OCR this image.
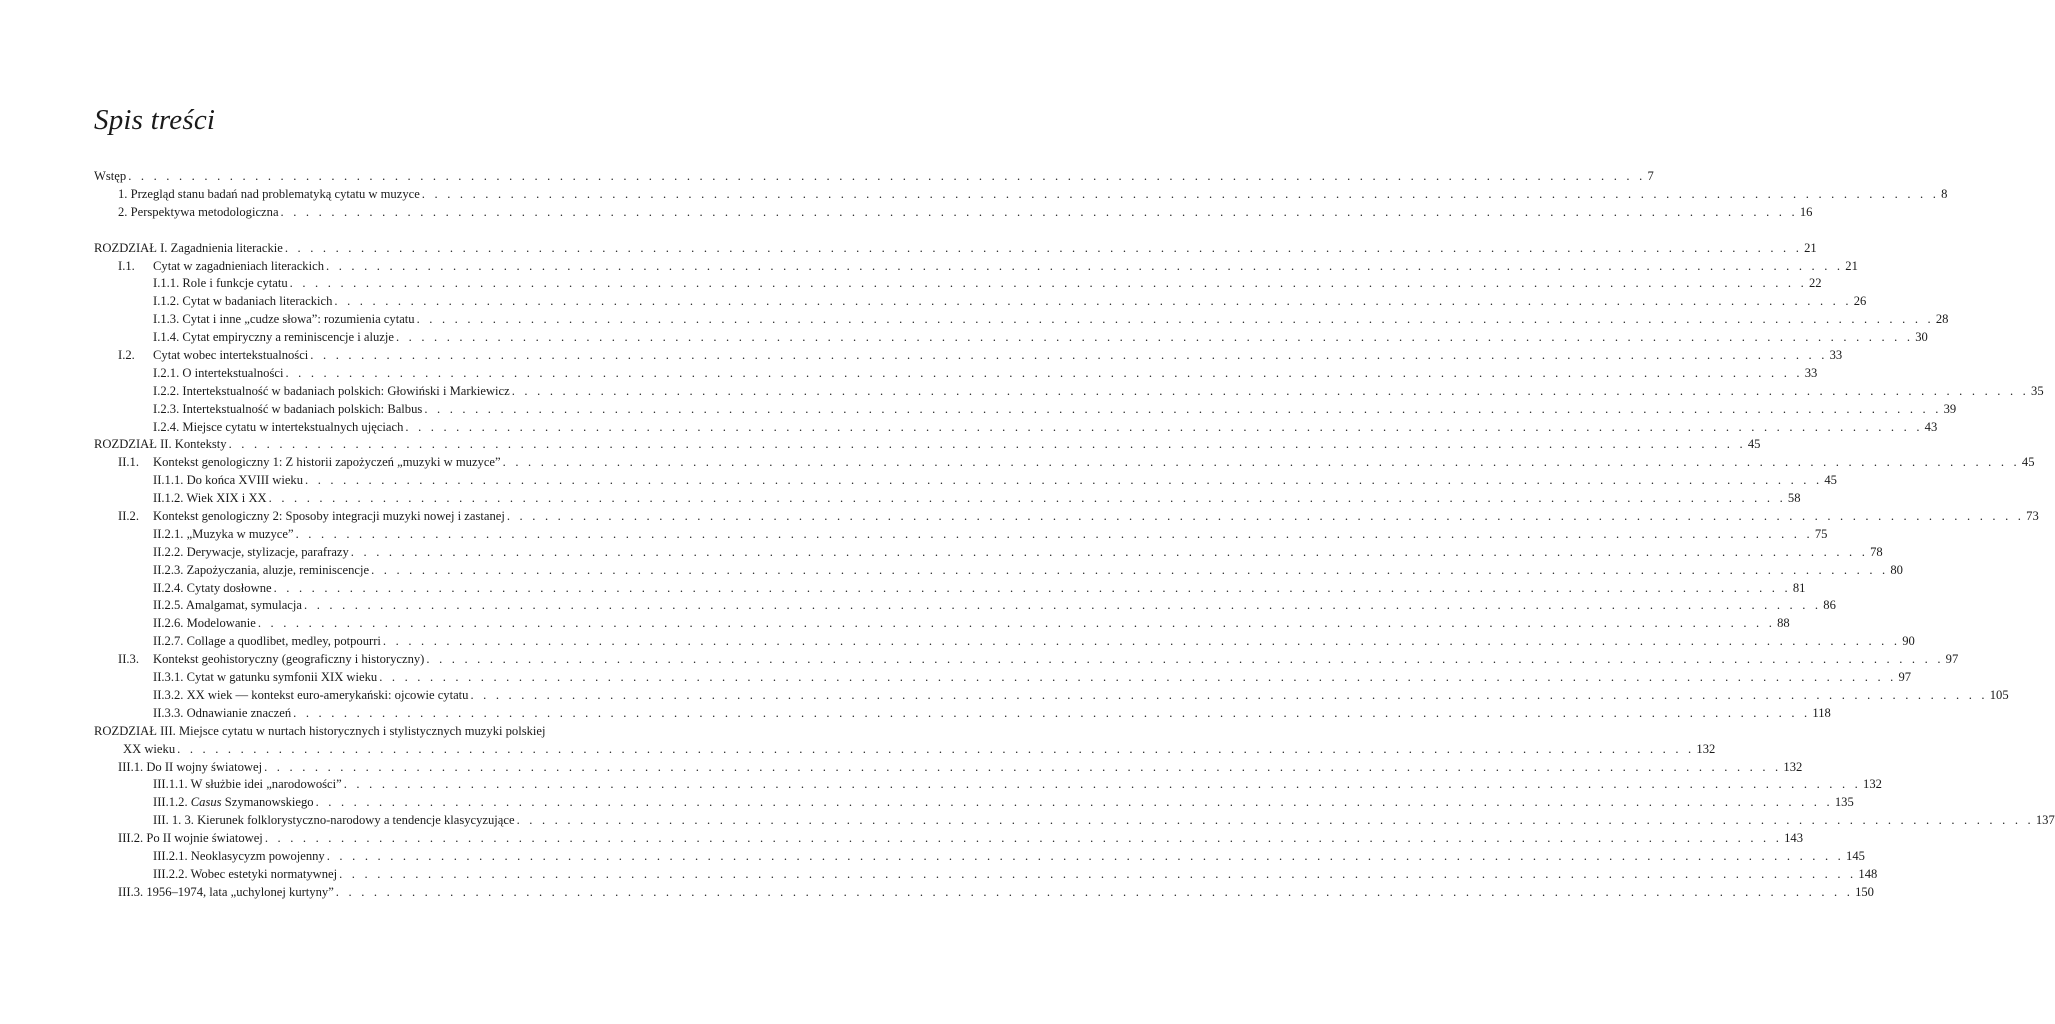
Spis treści
Wstęp . . . . . . . . . . . . . . . . . . . . . . . . . . . . . . . . . . . . . . . . . . . . . . . . . . . . . . . . . . . . . . . . . . . . . . . . . . . . . . . . . . . . . . . . . . . . . . . . . . . . . . . . . . . . . . . . . . . . . . . . 7
1. Przegląd stanu badań nad problematyką cytatu w muzyce . . . . . . . . . . . . . . . . . . . . . . . . . . . . . . . . . . . . . . . . . . . . . . . . . . . . . . . . . . . . . . . . . . . . . . . . . . . . . . . . . . . . . . . . . . . . . . . . . . . . . . . . . . . . . . . . . . . . . . . . 8
2. Perspektywa metodologiczna . . . . . . . . . . . . . . . . . . . . . . . . . . . . . . . . . . . . . . . . . . . . . . . . . . . . . . . . . . . . . . . . . . . . . . . . . . . . . . . . . . . . . . . . . . . . . . . . . . . . . . . . . . . . . . . . . . . . . . . . 16
ROZDZIAŁ I. Zagadnienia literackie . . . . . . . . . . . . . . . . . . . . . . . . . . . . . . . . . . . . . . . . . . . . . . . . . . . . . . . . . . . . . . . . . . . . . . . . . . . . . . . . . . . . . . . . . . . . . . . . . . . . . . . . . . . . . . . . . . . . . . . . 21
I.1. Cytat w zagadnieniach literackich . . . . . . . . . . . . . . . . . . . . . . . . . . . . . . . . . . . . . . . . . . . . . . . . . . . . . . . . . . . . . . . . . . . . . . . . . . . . . . . . . . . . . . . . . . . . . . . . . . . . . . . . . . . . . . . . . . . . . . . . 21
I.1.1. Role i funkcje cytatu . . . . . . . . . . . . . . . . . . . . . . . . . . . . . . . . . . . . . . . . . . . . . . . . . . . . . . . . . . . . . . . . . . . . . . . . . . . . . . . . . . . . . . . . . . . . . . . . . . . . . . . . . . . . . . . . . . . . . . . . 22
I.1.2. Cytat w badaniach literackich . . . . . . . . . . . . . . . . . . . . . . . . . . . . . . . . . . . . . . . . . . . . . . . . . . . . . . . . . . . . . . . . . . . . . . . . . . . . . . . . . . . . . . . . . . . . . . . . . . . . . . . . . . . . . . . . . . . . . . . . 26
I.1.3. Cytat i inne „cudze słowa”: rozumienia cytatu . . . . . . . . . . . . . . . . . . . . . . . . . . . . . . . . . . . . . . . . . . . . . . . . . . . . . . . . . . . . . . . . . . . . . . . . . . . . . . . . . . . . . . . . . . . . . . . . . . . . . . . . . . . . . . . . . . . . . . . . 28
I.1.4. Cytat empiryczny a reminiscencje i aluzje . . . . . . . . . . . . . . . . . . . . . . . . . . . . . . . . . . . . . . . . . . . . . . . . . . . . . . . . . . . . . . . . . . . . . . . . . . . . . . . . . . . . . . . . . . . . . . . . . . . . . . . . . . . . . . . . . . . . . . . . 30
I.2. Cytat wobec intertekstualności . . . . . . . . . . . . . . . . . . . . . . . . . . . . . . . . . . . . . . . . . . . . . . . . . . . . . . . . . . . . . . . . . . . . . . . . . . . . . . . . . . . . . . . . . . . . . . . . . . . . . . . . . . . . . . . . . . . . . . . . 33
I.2.1. O intertekstualności . . . . . . . . . . . . . . . . . . . . . . . . . . . . . . . . . . . . . . . . . . . . . . . . . . . . . . . . . . . . . . . . . . . . . . . . . . . . . . . . . . . . . . . . . . . . . . . . . . . . . . . . . . . . . . . . . . . . . . . . 33
I.2.2. Intertekstualność w badaniach polskich: Głowiński i Markiewicz . . . . . . . . . . . . . . . . . . . . . . . . . . . . . . . . . . . . . . . . . . . . . . . . . . . . . . . . . . . . . . . . . . . . . . . . . . . . . . . . . . . . . . . . . . . . . . . . . . . . . . . . . . . . . . . . . . . . . . . . 35
I.2.3. Intertekstualność w badaniach polskich: Balbus . . . . . . . . . . . . . . . . . . . . . . . . . . . . . . . . . . . . . . . . . . . . . . . . . . . . . . . . . . . . . . . . . . . . . . . . . . . . . . . . . . . . . . . . . . . . . . . . . . . . . . . . . . . . . . . . . . . . . . . . 39
I.2.4. Miejsce cytatu w intertekstualnych ujęciach . . . . . . . . . . . . . . . . . . . . . . . . . . . . . . . . . . . . . . . . . . . . . . . . . . . . . . . . . . . . . . . . . . . . . . . . . . . . . . . . . . . . . . . . . . . . . . . . . . . . . . . . . . . . . . . . . . . . . . . . 43
ROZDZIAŁ II. Konteksty . . . . . . . . . . . . . . . . . . . . . . . . . . . . . . . . . . . . . . . . . . . . . . . . . . . . . . . . . . . . . . . . . . . . . . . . . . . . . . . . . . . . . . . . . . . . . . . . . . . . . . . . . . . . . . . . . . . . . . . . 45
II.1. Kontekst genologiczny 1: Z historii zapożyczeń „muzyki w muzyce” . . . . . . . . . . . . . . . . . . . . . . . . . . . . . . . . . . . . . . . . . . . . . . . . . . . . . . . . . . . . . . . . . . . . . . . . . . . . . . . . . . . . . . . . . . . . . . . . . . . . . . . . . . . . . . . . . . . . . . . . 45
II.1.1. Do końca XVIII wieku . . . . . . . . . . . . . . . . . . . . . . . . . . . . . . . . . . . . . . . . . . . . . . . . . . . . . . . . . . . . . . . . . . . . . . . . . . . . . . . . . . . . . . . . . . . . . . . . . . . . . . . . . . . . . . . . . . . . . . . . 45
II.1.2. Wiek XIX i XX . . . . . . . . . . . . . . . . . . . . . . . . . . . . . . . . . . . . . . . . . . . . . . . . . . . . . . . . . . . . . . . . . . . . . . . . . . . . . . . . . . . . . . . . . . . . . . . . . . . . . . . . . . . . . . . . . . . . . . . . 58
II.2. Kontekst genologiczny 2: Sposoby integracji muzyki nowej i zastanej . . . . . . . . . . . . . . . . . . . . . . . . . . . . . . . . . . . . . . . . . . . . . . . . . . . . . . . . . . . . . . . . . . . . . . . . . . . . . . . . . . . . . . . . . . . . . . . . . . . . . . . . . . . . . . . . . . . . . . . . 73
II.2.1. „Muzyka w muzyce” . . . . . . . . . . . . . . . . . . . . . . . . . . . . . . . . . . . . . . . . . . . . . . . . . . . . . . . . . . . . . . . . . . . . . . . . . . . . . . . . . . . . . . . . . . . . . . . . . . . . . . . . . . . . . . . . . . . . . . . . 75
II.2.2. Derywacje, stylizacje, parafrazy . . . . . . . . . . . . . . . . . . . . . . . . . . . . . . . . . . . . . . . . . . . . . . . . . . . . . . . . . . . . . . . . . . . . . . . . . . . . . . . . . . . . . . . . . . . . . . . . . . . . . . . . . . . . . . . . . . . . . . . . 78
II.2.3. Zapożyczania, aluzje, reminiscencje . . . . . . . . . . . . . . . . . . . . . . . . . . . . . . . . . . . . . . . . . . . . . . . . . . . . . . . . . . . . . . . . . . . . . . . . . . . . . . . . . . . . . . . . . . . . . . . . . . . . . . . . . . . . . . . . . . . . . . . . 80
II.2.4. Cytaty dosłowne . . . . . . . . . . . . . . . . . . . . . . . . . . . . . . . . . . . . . . . . . . . . . . . . . . . . . . . . . . . . . . . . . . . . . . . . . . . . . . . . . . . . . . . . . . . . . . . . . . . . . . . . . . . . . . . . . . . . . . . . 81
II.2.5. Amalgamat, symulacja . . . . . . . . . . . . . . . . . . . . . . . . . . . . . . . . . . . . . . . . . . . . . . . . . . . . . . . . . . . . . . . . . . . . . . . . . . . . . . . . . . . . . . . . . . . . . . . . . . . . . . . . . . . . . . . . . . . . . . . . 86
II.2.6. Modelowanie . . . . . . . . . . . . . . . . . . . . . . . . . . . . . . . . . . . . . . . . . . . . . . . . . . . . . . . . . . . . . . . . . . . . . . . . . . . . . . . . . . . . . . . . . . . . . . . . . . . . . . . . . . . . . . . . . . . . . . . . 88
II.2.7. Collage a quodlibet, medley, potpourri . . . . . . . . . . . . . . . . . . . . . . . . . . . . . . . . . . . . . . . . . . . . . . . . . . . . . . . . . . . . . . . . . . . . . . . . . . . . . . . . . . . . . . . . . . . . . . . . . . . . . . . . . . . . . . . . . . . . . . . . 90
II.3. Kontekst geohistoryczny (geograficzny i historyczny) . . . . . . . . . . . . . . . . . . . . . . . . . . . . . . . . . . . . . . . . . . . . . . . . . . . . . . . . . . . . . . . . . . . . . . . . . . . . . . . . . . . . . . . . . . . . . . . . . . . . . . . . . . . . . . . . . . . . . . . . 97
II.3.1. Cytat w gatunku symfonii XIX wieku . . . . . . . . . . . . . . . . . . . . . . . . . . . . . . . . . . . . . . . . . . . . . . . . . . . . . . . . . . . . . . . . . . . . . . . . . . . . . . . . . . . . . . . . . . . . . . . . . . . . . . . . . . . . . . . . . . . . . . . . 97
II.3.2. XX wiek — kontekst euro-amerykański: ojcowie cytatu . . . . . . . . . . . . . . . . . . . . . . . . . . . . . . . . . . . . . . . . . . . . . . . . . . . . . . . . . . . . . . . . . . . . . . . . . . . . . . . . . . . . . . . . . . . . . . . . . . . . . . . . . . . . . . . . . . . . . . . . 105
II.3.3. Odnawianie znaczeń . . . . . . . . . . . . . . . . . . . . . . . . . . . . . . . . . . . . . . . . . . . . . . . . . . . . . . . . . . . . . . . . . . . . . . . . . . . . . . . . . . . . . . . . . . . . . . . . . . . . . . . . . . . . . . . . . . . . . . . . 118
ROZDZIAŁ III. Miejsce cytatu w nurtach historycznych i stylistycznych muzyki polskiej
XX wieku . . . . . . . . . . . . . . . . . . . . . . . . . . . . . . . . . . . . . . . . . . . . . . . . . . . . . . . . . . . . . . . . . . . . . . . . . . . . . . . . . . . . . . . . . . . . . . . . . . . . . . . . . . . . . . . . . . . . . . . . 132
III.1. Do II wojny światowej . . . . . . . . . . . . . . . . . . . . . . . . . . . . . . . . . . . . . . . . . . . . . . . . . . . . . . . . . . . . . . . . . . . . . . . . . . . . . . . . . . . . . . . . . . . . . . . . . . . . . . . . . . . . . . . . . . . . . . . . 132
III.1.1. W służbie idei „narodowości” . . . . . . . . . . . . . . . . . . . . . . . . . . . . . . . . . . . . . . . . . . . . . . . . . . . . . . . . . . . . . . . . . . . . . . . . . . . . . . . . . . . . . . . . . . . . . . . . . . . . . . . . . . . . . . . . . . . . . . . . 132
III.1.2. Casus Szymanowskiego . . . . . . . . . . . . . . . . . . . . . . . . . . . . . . . . . . . . . . . . . . . . . . . . . . . . . . . . . . . . . . . . . . . . . . . . . . . . . . . . . . . . . . . . . . . . . . . . . . . . . . . . . . . . . . . . . . . . . . . . 135
III. 1. 3. Kierunek folklorystyczno-narodowy a tendencje klasycyzujące . . . . . . . . . . . . . . . . . . . . . . . . . . . . . . . . . . . . . . . . . . . . . . . . . . . . . . . . . . . . . . . . . . . . . . . . . . . . . . . . . . . . . . . . . . . . . . . . . . . . . . . . . . . . . . . . . . . . . . . . 137
III.2. Po II wojnie światowej . . . . . . . . . . . . . . . . . . . . . . . . . . . . . . . . . . . . . . . . . . . . . . . . . . . . . . . . . . . . . . . . . . . . . . . . . . . . . . . . . . . . . . . . . . . . . . . . . . . . . . . . . . . . . . . . . . . . . . . . 143
III.2.1. Neoklasycyzm powojenny . . . . . . . . . . . . . . . . . . . . . . . . . . . . . . . . . . . . . . . . . . . . . . . . . . . . . . . . . . . . . . . . . . . . . . . . . . . . . . . . . . . . . . . . . . . . . . . . . . . . . . . . . . . . . . . . . . . . . . . . 145
III.2.2. Wobec estetyki normatywnej . . . . . . . . . . . . . . . . . . . . . . . . . . . . . . . . . . . . . . . . . . . . . . . . . . . . . . . . . . . . . . . . . . . . . . . . . . . . . . . . . . . . . . . . . . . . . . . . . . . . . . . . . . . . . . . . . . . . . . . . 148
III.3. 1956–1974, lata „uchylonej kurtyny” . . . . . . . . . . . . . . . . . . . . . . . . . . . . . . . . . . . . . . . . . . . . . . . . . . . . . . . . . . . . . . . . . . . . . . . . . . . . . . . . . . . . . . . . . . . . . . . . . . . . . . . . . . . . . . . . . . . . . . . . 150
